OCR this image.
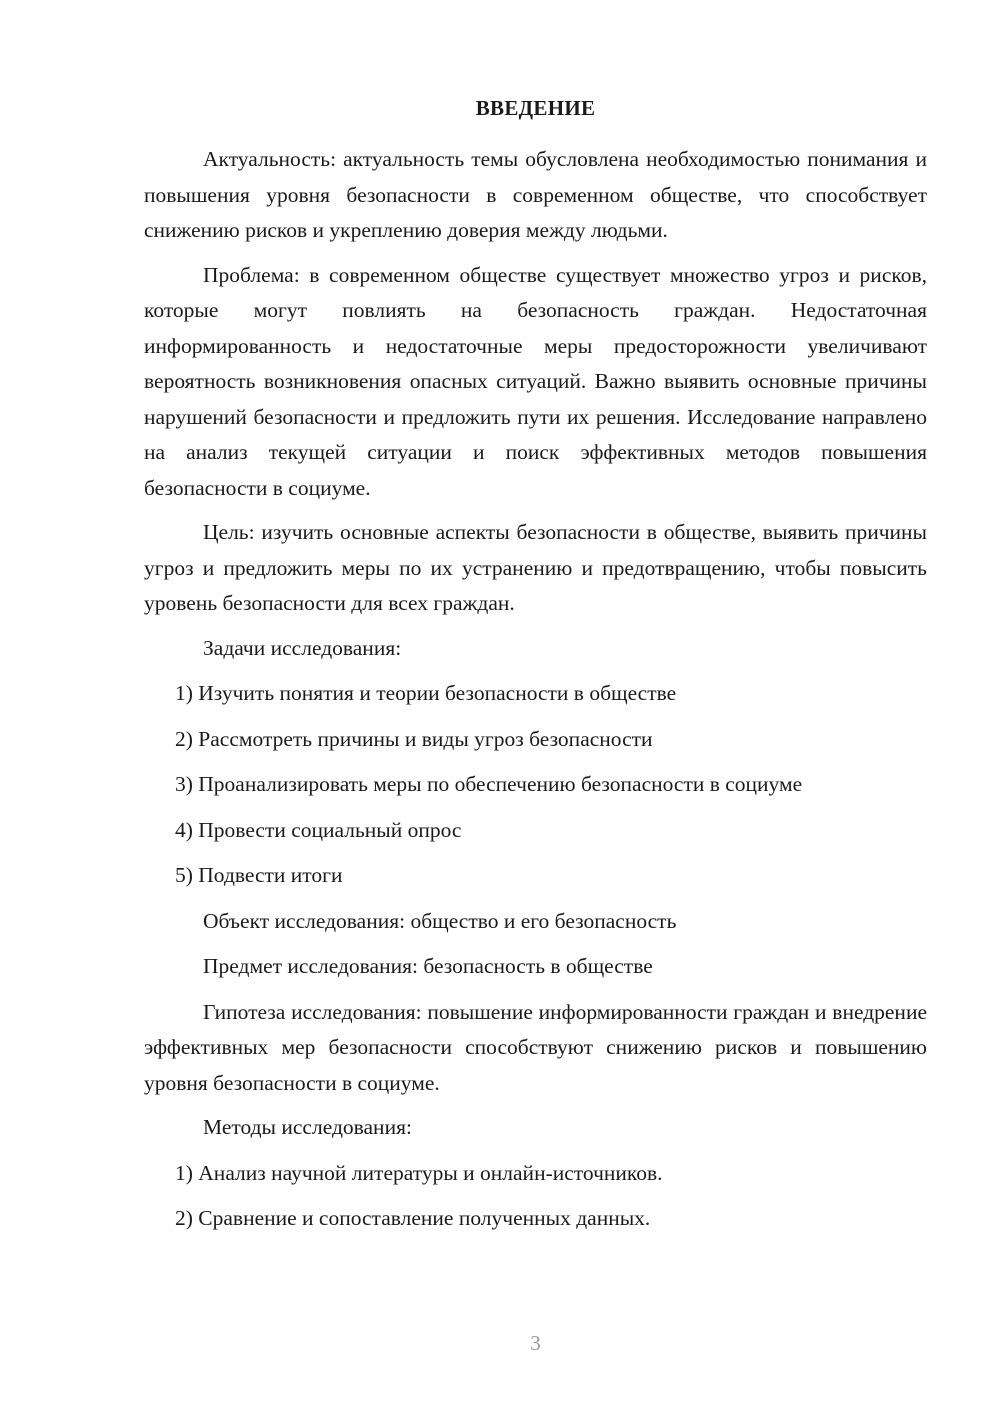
ВВЕДЕНИЕ

Актуальность: актуальность темы обусловлена необходимостью понимания и повышения уровня безопасности в современном обществе, что способствует снижению рисков и укреплению доверия между людьми.

Проблема: в современном обществе существует множество угроз и рисков, которые могут повлиять на безопасность граждан. Недостаточная информированность и недостаточные меры предосторожности увеличивают вероятность возникновения опасных ситуаций. Важно выявить основные причины нарушений безопасности и предложить пути их решения. Исследование направлено на анализ текущей ситуации и поиск эффективных методов повышения безопасности в социуме.

Цель: изучить основные аспекты безопасности в обществе, выявить причины угроз и предложить меры по их устранению и предотвращению, чтобы повысить уровень безопасности для всех граждан.

Задачи исследования:

1) Изучить понятия и теории безопасности в обществе

2) Рассмотреть причины и виды угроз безопасности

3) Проанализировать меры по обеспечению безопасности в социуме

4) Провести социальный опрос

5) Подвести итоги

Объект исследования: общество и его безопасность

Предмет исследования: безопасность в обществе

Гипотеза исследования: повышение информированности граждан и внедрение эффективных мер безопасности способствуют снижению рисков и повышению уровня безопасности в социуме.

Методы исследования:

1) Анализ научной литературы и онлайн-источников.

2) Сравнение и сопоставление полученных данных.

3
